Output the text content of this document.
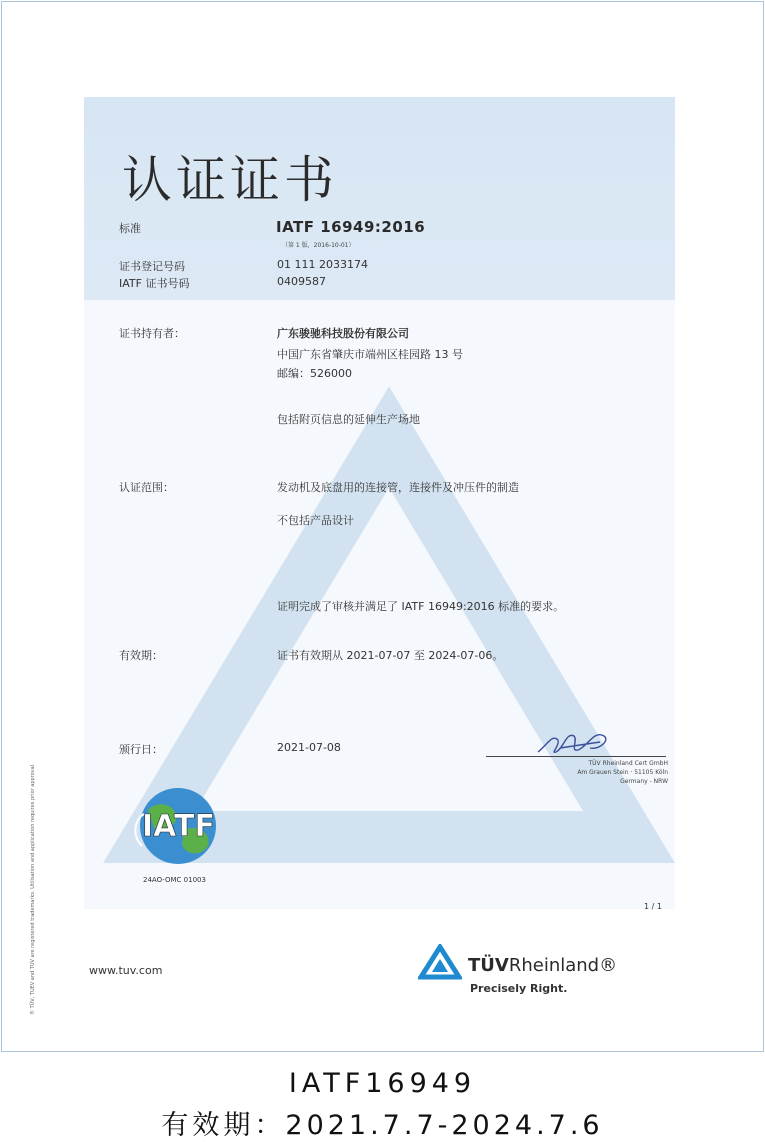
认证证书
标准	IATF 16949:2016
（第 1 版，2016-10-01）
证书登记号码	01 111 2033174
IATF 证书号码	0409587
证书持有者：	广东骏驰科技股份有限公司
中国广东省肇庆市端州区桂园路 13 号
邮编：526000
包括附页信息的延伸生产场地
认证范围：	发动机及底盘用的连接管，连接件及冲压件的制造
不包括产品设计
证明完成了审核并满足了 IATF 16949:2016 标准的要求。
有效期：	证书有效期从 2021-07-07 至 2024-07-06。
颁行日：	2021-07-08
TÜV Rheinland Cert GmbH
Am Grauen Stein · 51105 Köln
Germany - NRW
IATF
24AO-OMC 01003
1 / 1
® TÜV, TUEV and TUV are registered trademarks. Utilisation and application requires prior approval.	www.tuv.com	TÜVRheinland®
Precisely Right.
IATF16949
有效期：2021.7.7-2024.7.6
